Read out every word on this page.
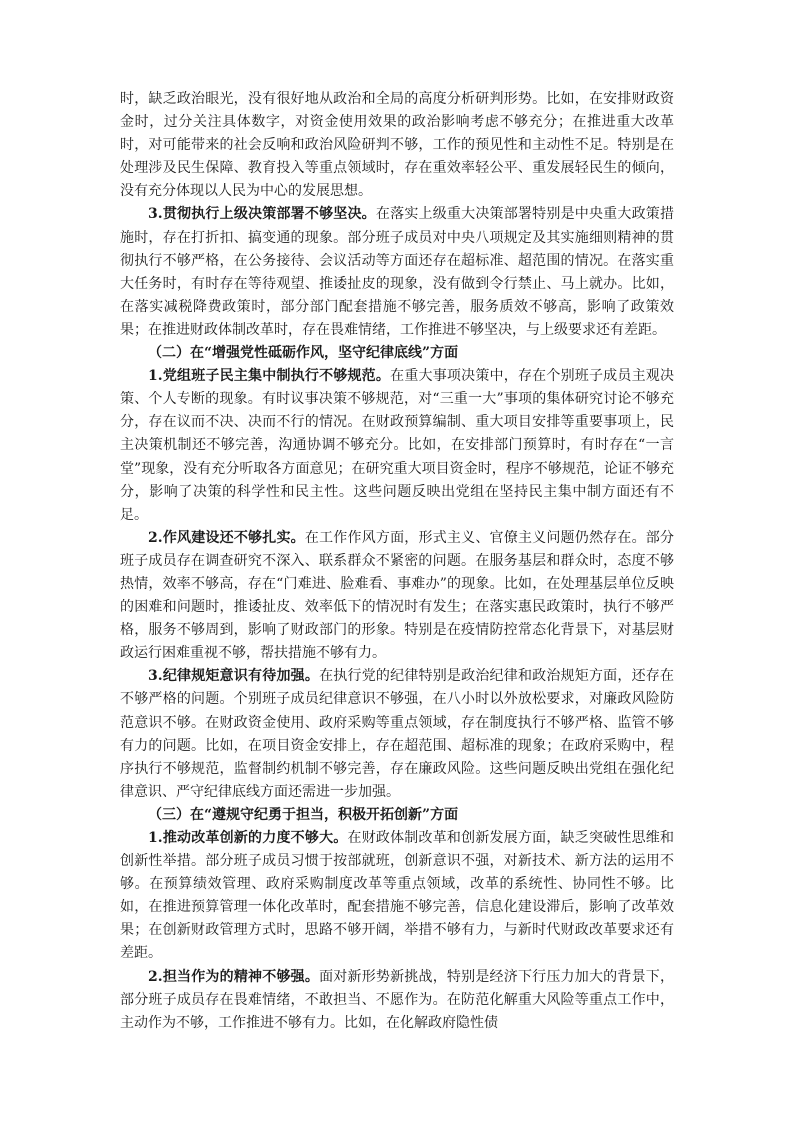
时，缺乏政治眼光，没有很好地从政治和全局的高度分析研判形势。比如，在安排财政资金时，过分关注具体数字，对资金使用效果的政治影响考虑不够充分；在推进重大改革时，对可能带来的社会反响和政治风险研判不够，工作的预见性和主动性不足。特别是在处理涉及民生保障、教育投入等重点领域时，存在重效率轻公平、重发展轻民生的倾向，没有充分体现以人民为中心的发展思想。

3.贯彻执行上级决策部署不够坚决。在落实上级重大决策部署特别是中央重大政策措施时，存在打折扣、搞变通的现象。部分班子成员对中央八项规定及其实施细则精神的贯彻执行不够严格，在公务接待、会议活动等方面还存在超标准、超范围的情况。在落实重大任务时，有时存在等待观望、推诿扯皮的现象，没有做到令行禁止、马上就办。比如，在落实减税降费政策时，部分部门配套措施不够完善，服务质效不够高，影响了政策效果；在推进财政体制改革时，存在畏难情绪，工作推进不够坚决，与上级要求还有差距。

（二）在“增强党性砥砺作风，坚守纪律底线”方面

1.党组班子民主集中制执行不够规范。在重大事项决策中，存在个别班子成员主观决策、个人专断的现象。有时议事决策不够规范，对“三重一大”事项的集体研究讨论不够充分，存在议而不决、决而不行的情况。在财政预算编制、重大项目安排等重要事项上，民主决策机制还不够完善，沟通协调不够充分。比如，在安排部门预算时，有时存在“一言堂”现象，没有充分听取各方面意见；在研究重大项目资金时，程序不够规范，论证不够充分，影响了决策的科学性和民主性。这些问题反映出党组在坚持民主集中制方面还有不足。

2.作风建设还不够扎实。在工作作风方面，形式主义、官僚主义问题仍然存在。部分班子成员存在调查研究不深入、联系群众不紧密的问题。在服务基层和群众时，态度不够热情，效率不够高，存在“门难进、脸难看、事难办”的现象。比如，在处理基层单位反映的困难和问题时，推诿扯皮、效率低下的情况时有发生；在落实惠民政策时，执行不够严格，服务不够周到，影响了财政部门的形象。特别是在疫情防控常态化背景下，对基层财政运行困难重视不够，帮扶措施不够有力。

3.纪律规矩意识有待加强。在执行党的纪律特别是政治纪律和政治规矩方面，还存在不够严格的问题。个别班子成员纪律意识不够强，在八小时以外放松要求，对廉政风险防范意识不够。在财政资金使用、政府采购等重点领域，存在制度执行不够严格、监管不够有力的问题。比如，在项目资金安排上，存在超范围、超标准的现象；在政府采购中，程序执行不够规范，监督制约机制不够完善，存在廉政风险。这些问题反映出党组在强化纪律意识、严守纪律底线方面还需进一步加强。

（三）在“遵规守纪勇于担当，积极开拓创新”方面

1.推动改革创新的力度不够大。在财政体制改革和创新发展方面，缺乏突破性思维和创新性举措。部分班子成员习惯于按部就班，创新意识不强，对新技术、新方法的运用不够。在预算绩效管理、政府采购制度改革等重点领域，改革的系统性、协同性不够。比如，在推进预算管理一体化改革时，配套措施不够完善，信息化建设滞后，影响了改革效果；在创新财政管理方式时，思路不够开阔，举措不够有力，与新时代财政改革要求还有差距。

2.担当作为的精神不够强。面对新形势新挑战，特别是经济下行压力加大的背景下，部分班子成员存在畏难情绪，不敢担当、不愿作为。在防范化解重大风险等重点工作中，主动作为不够，工作推进不够有力。比如，在化解政府隐性债
